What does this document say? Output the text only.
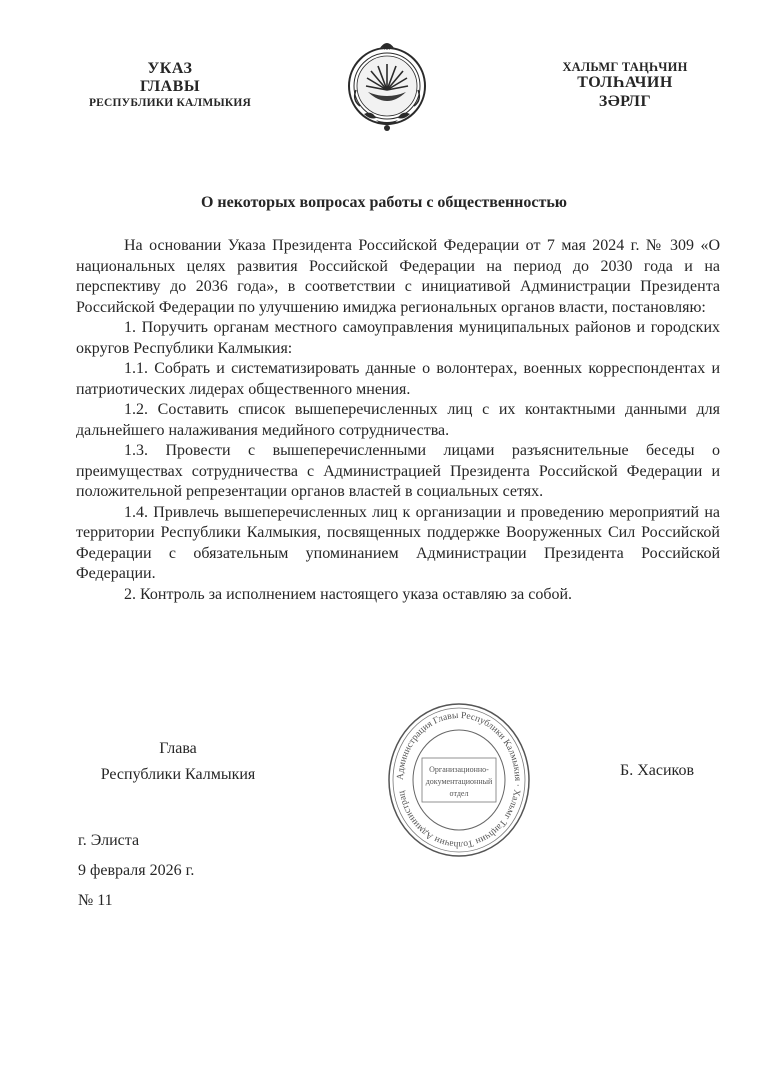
УКАЗ
ГЛАВЫ
РЕСПУБЛИКИ КАЛМЫКИЯ
ХАЛЬМГ ТАҢҺЧИН
ТОЛҺАЧИН
ЗӘРЛГ
О некоторых вопросах работы с общественностью

На основании Указа Президента Российской Федерации от 7 мая 2024 г. № 309 «О национальных целях развития Российской Федерации на период до 2030 года и на перспективу до 2036 года», в соответствии с инициативой Администрации Президента Российской Федерации по улучшению имиджа региональных органов власти, постановляю:

1. Поручить органам местного самоуправления муниципальных районов и городских округов Республики Калмыкия:

1.1. Собрать и систематизировать данные о волонтерах, военных корреспондентах и патриотических лидерах общественного мнения.

1.2. Составить список вышеперечисленных лиц с их контактными данными для дальнейшего налаживания медийного сотрудничества.

1.3. Провести с вышеперечисленными лицами разъяснительные беседы о преимуществах сотрудничества с Администрацией Президента Российской Федерации и положительной репрезентации органов властей в социальных сетях.

1.4. Привлечь вышеперечисленных лиц к организации и проведению мероприятий на территории Республики Калмыкия, посвященных поддержке Вооруженных Сил Российской Федерации с обязательным упоминанием Администрации Президента Российской Федерации.

2. Контроль за исполнением настоящего указа оставляю за собой.

Глава
Республики Калмыкия	Администрация Главы Республики Калмыкия · Хальмг Таңһчин Толһачин Администрац
Организационно-
документационный
отдел
Б. Хасиков
г. Элиста
9 февраля 2026 г.
№ 11
